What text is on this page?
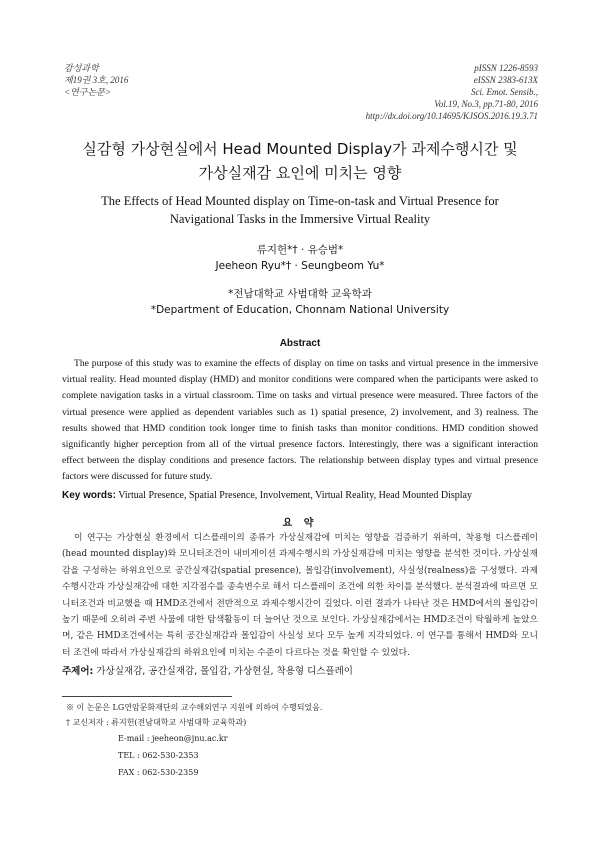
감성과학
제19권 3호, 2016
<연구논문>
pISSN 1226-8593
eISSN 2383-613X
Sci. Emot. Sensib.,
Vol.19, No.3, pp.71-80, 2016
http://dx.doi.org/10.14695/KJSOS.2016.19.3.71
실감형 가상현실에서 Head Mounted Display가 과제수행시간 및
가상실재감 요인에 미치는 영향
The Effects of Head Mounted display on Time-on-task and Virtual Presence for
Navigational Tasks in the Immersive Virtual Reality
류지헌*† · 유승범*
Jeeheon Ryu*† · Seungbeom Yu*
*전남대학교 사범대학 교육학과
*Department of Education, Chonnam National University
Abstract

The purpose of this study was to examine the effects of display on time on tasks and virtual presence in the immersive virtual reality. Head mounted display (HMD) and monitor conditions were compared when the participants were asked to complete navigation tasks in a virtual classroom. Time on tasks and virtual presence were measured. Three factors of the virtual presence were applied as dependent variables such as 1) spatial presence, 2) involvement, and 3) realness. The results showed that HMD condition took longer time to finish tasks than monitor conditions. HMD condition showed significantly higher perception from all of the virtual presence factors. Interestingly, there was a significant interaction effect between the display conditions and presence factors. The relationship between display types and virtual presence factors were discussed for future study.

Key words: Virtual Presence, Spatial Presence, Involvement, Virtual Reality, Head Mounted Display
요 약

이 연구는 가상현실 환경에서 디스플레이의 종류가 가상실재감에 미치는 영향을 검증하기 위하여, 착용형 디스플레이(head mounted display)와 모니터조건이 내비게이션 과제수행시의 가상실재감에 미치는 영향을 분석한 것이다. 가상실재감을 구성하는 하위요인으로 공간실재감(spatial presence), 몰입감(involvement), 사실성(realness)을 구성했다. 과제수행시간과 가상실재감에 대한 지각점수를 종속변수로 해서 디스플레이 조건에 의한 차이를 분석했다. 분석결과에 따르면 모니터조건과 비교했을 때 HMD조건에서 전반적으로 과제수행시간이 길었다. 이런 결과가 나타난 것은 HMD에서의 몰입감이 높기 때문에 오히려 주변 사물에 대한 탐색활동이 더 늘어난 것으로 보인다. 가상실재감에서는 HMD조건이 탁월하게 높았으며, 같은 HMD조건에서는 특히 공간실재감과 몰입감이 사실성 보다 모두 높게 지각되었다. 이 연구를 통해서 HMD와 모니터 조건에 따라서 가상실재감의 하위요인에 미치는 수준이 다르다는 것을 확인할 수 있었다.

주제어: 가상실재감, 공간실재감, 몰입감, 가상현실, 착용형 디스플레이
※ 이 논문은 LG연암문화재단의 교수해외연구 지원에 의하여 수행되었음.
† 교신저자 : 류지헌(전남대학교 사범대학 교육학과)
E-mail : jeeheon@jnu.ac.kr
TEL : 062-530-2353
FAX : 062-530-2359
